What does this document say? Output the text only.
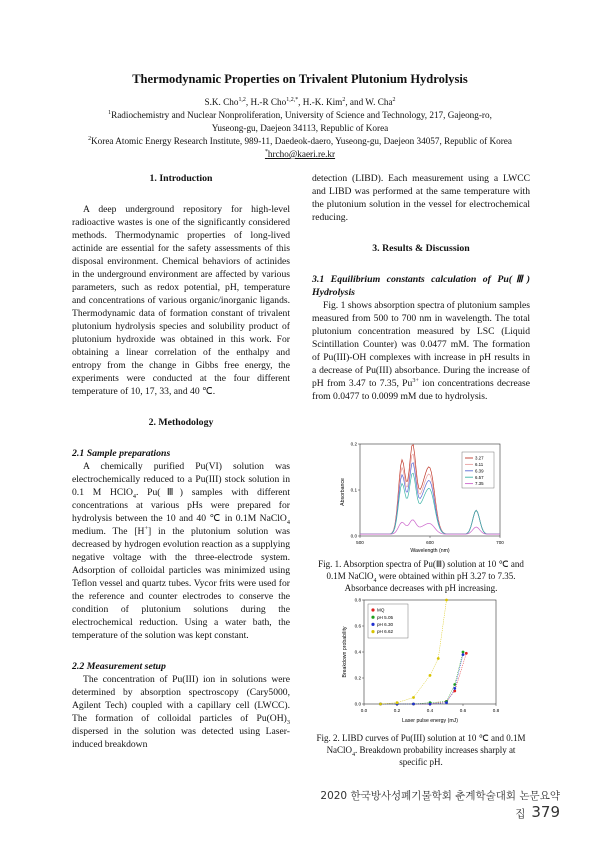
Thermodynamic Properties on Trivalent Plutonium Hydrolysis
S.K. Cho$^{1,2}$, H.-R Cho$^{1,2,*}$, H.-K. Kim$^2$, and W. Cha$^2$
$^1$Radiochemistry and Nuclear Nonproliferation, University of Science and Technology, 217, Gajeong-ro,
Yuseong-gu, Daejeon 34113, Republic of Korea
$^2$Korea Atomic Energy Research Institute, 989-11, Daedeok-daero, Yuseong-gu, Daejeon 34057, Republic of Korea
*hrcho@kaeri.re.kr
1. Introduction

A deep underground repository for high-level radioactive wastes is one of the significantly considered methods. Thermodynamic properties of long-lived actinide are essential for the safety assessments of this disposal environment. Chemical behaviors of actinides in the underground environment are affected by various parameters, such as redox potential, pH, temperature and concentrations of various organic/inorganic ligands. Thermodynamic data of formation constant of trivalent plutonium hydrolysis species and solubility product of plutonium hydroxide was obtained in this work. For obtaining a linear correlation of the enthalpy and entropy from the change in Gibbs free energy, the experiments were conducted at the four different temperature of 10, 17, 33, and 40 ℃.

2. Methodology
2.1 Sample preparations

A chemically purified Pu(VI) solution was electrochemically reduced to a Pu(III) stock solution in 0.1 M HClO$_4$. Pu(Ⅲ) samples with different concentrations at various pHs were prepared for hydrolysis between the 10 and 40 ℃ in 0.1M NaClO$_4$ medium. The [H+] in the plutonium solution was decreased by hydrogen evolution reaction as a supplying negative voltage with the three-electrode system. Adsorption of colloidal particles was minimized using Teflon vessel and quartz tubes. Vycor frits were used for the reference and counter electrodes to conserve the condition of plutonium solutions during the electrochemical reduction. Using a water bath, the temperature of the solution was kept constant.

2.2 Measurement setup

The concentration of Pu(III) ion in solutions were determined by absorption spectroscopy (Cary5000, Agilent Tech) coupled with a capillary cell (LWCC). The formation of colloidal particles of $Pu(OH)_3$ dispersed in the solution was detected using Laser-induced breakdown

detection (LIBD). Each measurement using a LWCC and LIBD was performed at the same temperature with the plutonium solution in the vessel for electrochemical reducing.

3. Results & Discussion
3.1 Equilibrium constants calculation of Pu(Ⅲ) Hydrolysis

Fig. 1 shows absorption spectra of plutonium samples measured from 500 to 700 nm in wavelength. The total plutonium concentration measured by LSC (Liquid Scintillation Counter) was 0.0477 mM. The formation of Pu(III)-OH complexes with increase in pH results in a decrease of Pu(III) absorbance. During the increase of pH from 3.47 to 7.35, $Pu^{3+}$ ion concentrations decrease from 0.0477 to 0.0099 mM due to hydrolysis.

500	600	700
0.0
0.1
0.2
3.27
6.11
6.39
6.57
7.35
Wavelength (nm)
Absorbance
Fig. 1. Absorption spectra of Pu(Ⅲ) solution at 10 ℃ and 0.1M NaClO$_4$ were obtained within pH 3.27 to 7.35. Absorbance decreases with pH increasing.
0.0	0.2	0.4	0.6	0.8
0.0
0.2
0.4
0.6
0.8
MQ
pH 5.05
pH 6.30
pH 6.62
Laser pulse energy (mJ)
Breakdown probability
Fig. 2. LIBD curves of Pu(III) solution at 10 ℃ and 0.1M NaClO$_4$. Breakdown probability increases sharply at specific pH.
2020 한국방사성폐기물학회 춘계학술대회 논문요약집 379
